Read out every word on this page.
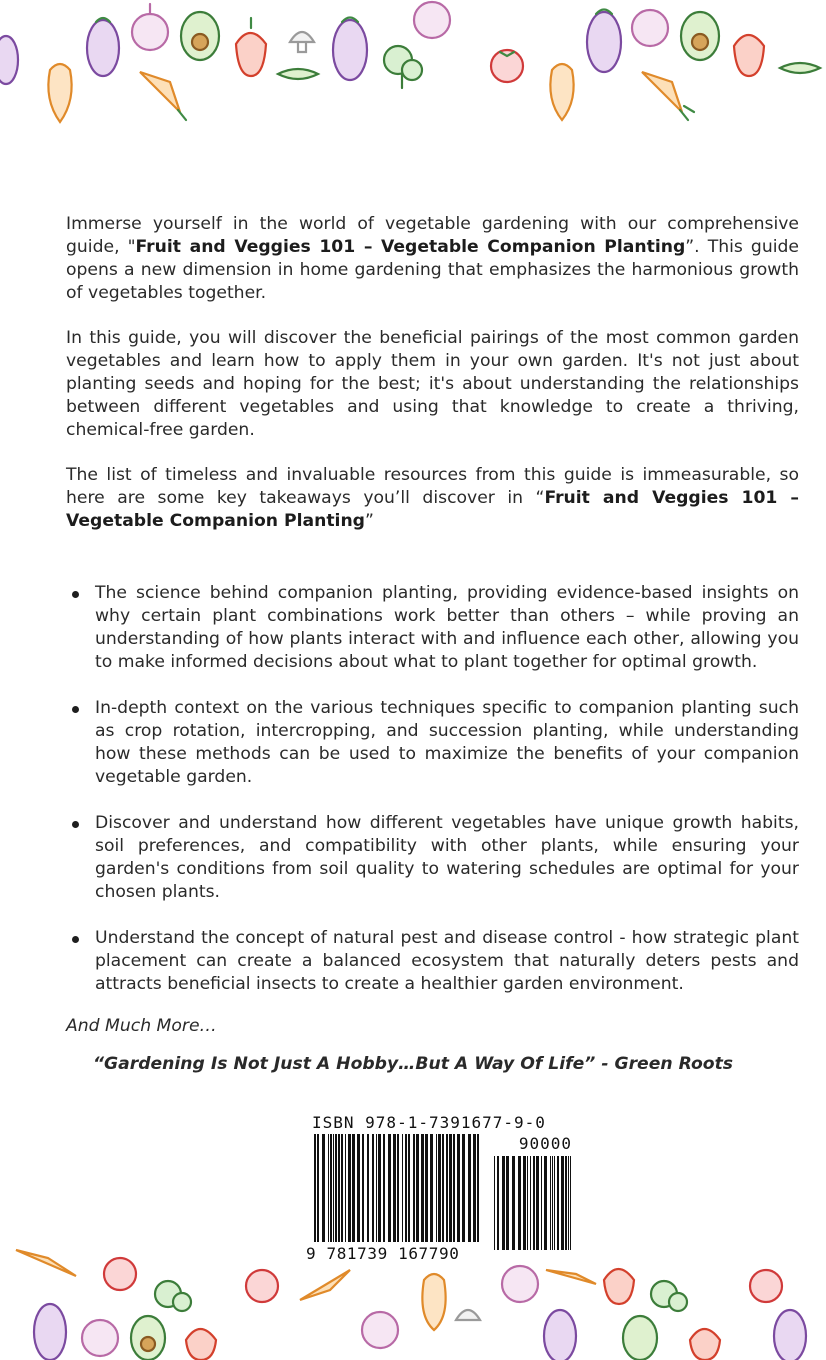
Immerse yourself in the world of vegetable gardening with our comprehensive guide, "Fruit and Veggies 101 – Vegetable Companion Planting”. This guide opens a new dimension in home gardening that emphasizes the harmonious growth of vegetables together.

In this guide, you will discover the beneficial pairings of the most common garden vegetables and learn how to apply them in your own garden. It's not just about planting seeds and hoping for the best; it's about understanding the relationships between different vegetables and using that knowledge to create a thriving, chemical-free garden.

The list of timeless and invaluable resources from this guide is immeasurable, so here are some key takeaways you’ll discover in “Fruit and Veggies 101 – Vegetable Companion Planting”

The science behind companion planting, providing evidence-based insights on why certain plant combinations work better than others – while proving an understanding of how plants interact with and influence each other, allowing you to make informed decisions about what to plant together for optimal growth.
In-depth context on the various techniques specific to companion planting such as crop rotation, intercropping, and succession planting, while understanding how these methods can be used to maximize the benefits of your companion vegetable garden.
Discover and understand how different vegetables have unique growth habits, soil preferences, and compatibility with other plants, while ensuring your garden's conditions from soil quality to watering schedules are optimal for your chosen plants.
Understand the concept of natural pest and disease control - how strategic plant placement can create a balanced ecosystem that naturally deters pests and attracts beneficial insects to create a healthier garden environment.
And Much More…
“Gardening Is Not Just A Hobby…But A Way Of Life” - Green Roots
ISBN 978-1-7391677-9-0
90000
9 781739 167790
